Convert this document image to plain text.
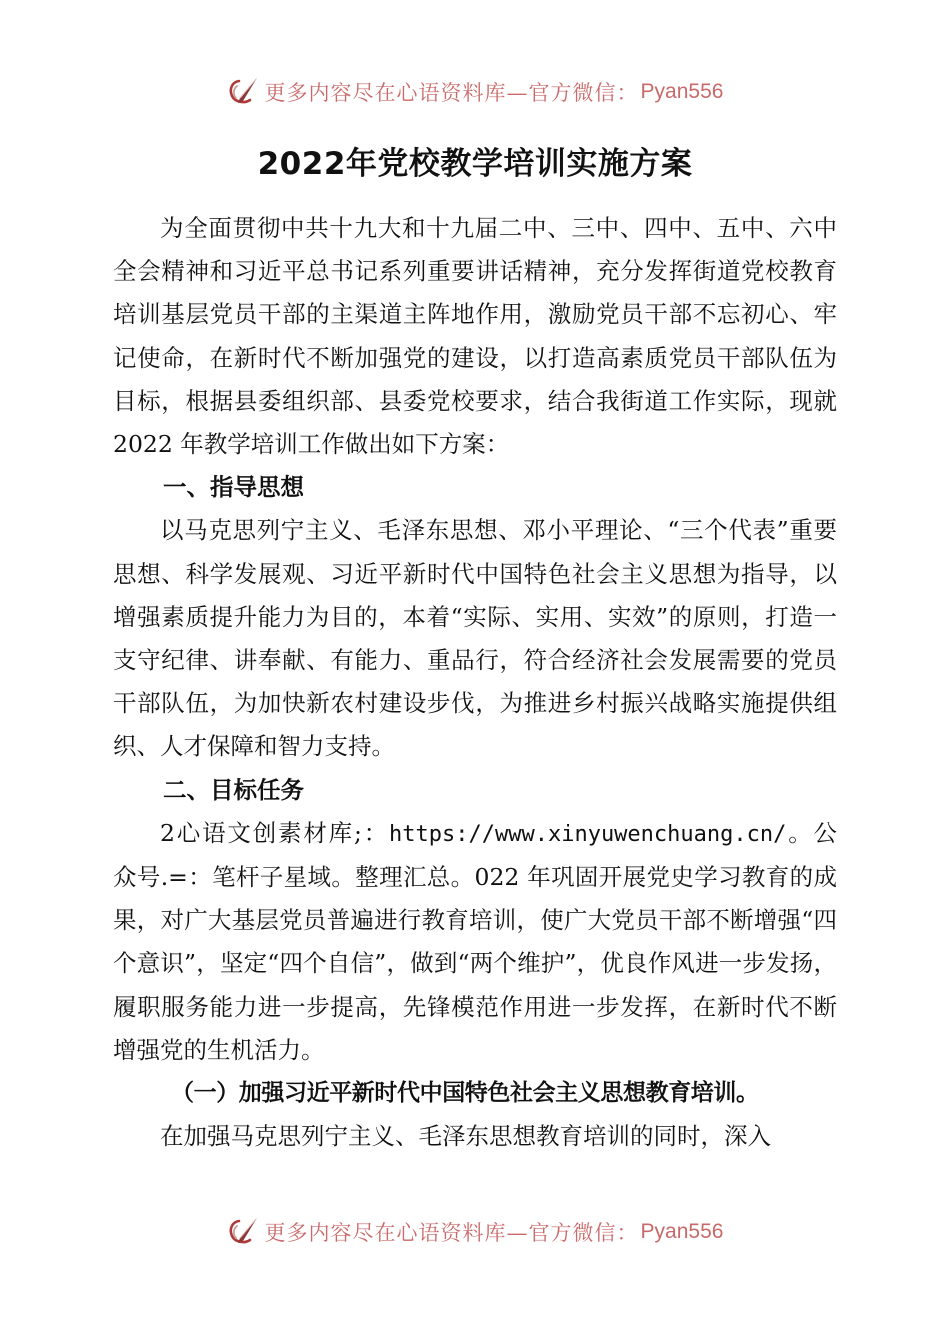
更多内容尽在心语资料库—官方微信： Pyan556
2022年党校教学培训实施方案

为全面贯彻中共十九大和十九届二中、三中、四中、五中、六中全会精神和习近平总书记系列重要讲话精神，充分发挥街道党校教育培训基层党员干部的主渠道主阵地作用，激励党员干部不忘初心、牢记使命，在新时代不断加强党的建设，以打造高素质党员干部队伍为目标，根据县委组织部、县委党校要求，结合我街道工作实际，现就 2022 年教学培训工作做出如下方案：

一、指导思想

以马克思列宁主义、毛泽东思想、邓小平理论、“三个代表”重要思想、科学发展观、习近平新时代中国特色社会主义思想为指导，以增强素质提升能力为目的，本着“实际、实用、实效”的原则，打造一支守纪律、讲奉献、有能力、重品行，符合经济社会发展需要的党员干部队伍，为加快新农村建设步伐，为推进乡村振兴战略实施提供组织、人才保障和智力支持。

二、目标任务

2心语文创素材库;：https://www.xinyuwenchuang.cn/。公众号.=：笔杆子星域。整理汇总。022 年巩固开展党史学习教育的成果，对广大基层党员普遍进行教育培训，使广大党员干部不断增强“四个意识”，坚定“四个自信”，做到“两个维护”，优良作风进一步发扬，履职服务能力进一步提高，先锋模范作用进一步发挥，在新时代不断增强党的生机活力。

（一）加强习近平新时代中国特色社会主义思想教育培训。

在加强马克思列宁主义、毛泽东思想教育培训的同时，深入

更多内容尽在心语资料库—官方微信： Pyan556
